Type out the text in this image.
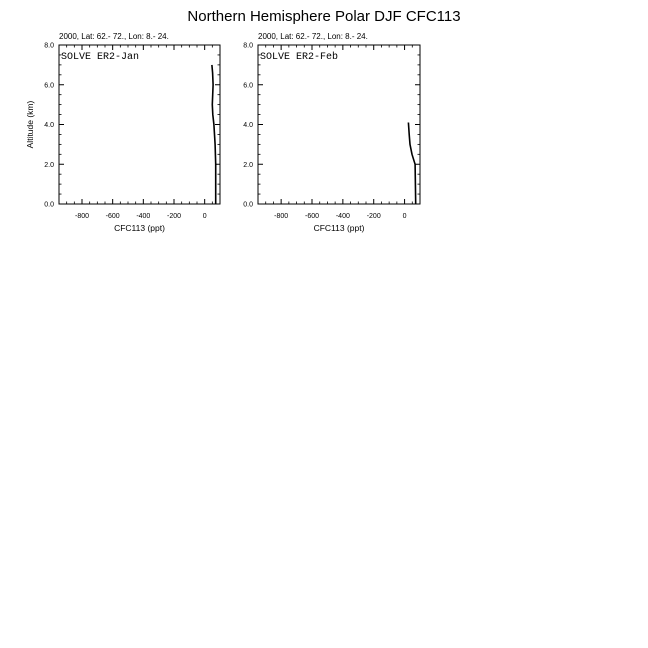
Northern Hemisphere Polar DJF CFC113
-800 -600 -400 -200	0
0.0
2.0
4.0
6.0
8.0
2000, Lat: 62.- 72., Lon: 8.- 24.
SOLVE ER2-Jan
CFC113 (ppt)
Altitude (km)
-800 -600 -400 -200	0
0.0
2.0
4.0
6.0
8.0
2000, Lat: 62.- 72., Lon: 8.- 24.
SOLVE ER2-Feb
CFC113 (ppt)
